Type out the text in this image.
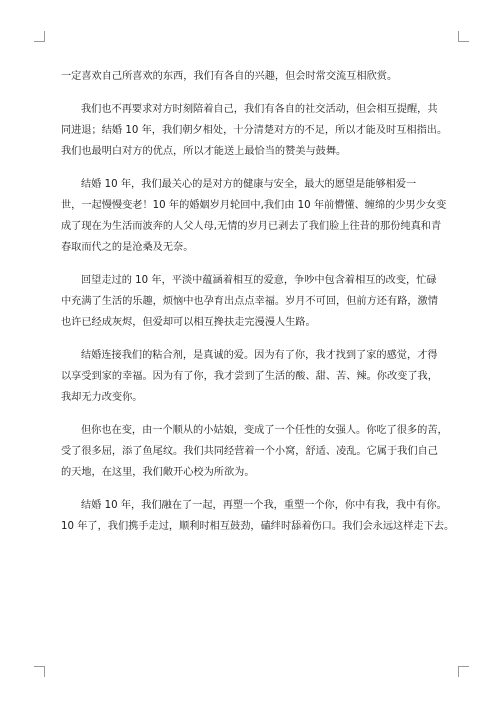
一定喜欢自己所喜欢的东西，我们有各自的兴趣，但会时常交流互相欣赏。

我们也不再要求对方时刻陪着自己，我们有各自的社交活动，但会相互提醒，共
同进退；结婚 10 年，我们朝夕相处，十分清楚对方的不足，所以才能及时互相指出。
我们也最明白对方的优点，所以才能送上最恰当的赞美与鼓舞。

结婚 10 年，我们最关心的是对方的健康与安全，最大的愿望是能够相爱一
世，一起慢慢变老！10 年的婚姻岁月轮回中,我们由 10 年前懵懂、缠绵的少男少女变
成了现在为生活而波奔的人父人母,无情的岁月已剥去了我们脸上往昔的那份纯真和青
春取而代之的是沧桑及无奈。

回望走过的 10 年，平淡中蕴涵着相互的爱意，争吵中包含着相互的改变，忙碌
中充满了生活的乐趣，烦恼中也孕育出点点幸福。岁月不可回，但前方还有路，激情
也许已经成灰烬，但爱却可以相互搀扶走完漫漫人生路。

结婚连接我们的粘合剂，是真诚的爱。因为有了你，我才找到了家的感觉，才得
以享受到家的幸福。因为有了你，我才尝到了生活的酸、甜、苦、辣。你改变了我，
我却无力改变你。

但你也在变，由一个顺从的小姑娘，变成了一个任性的女强人。你吃了很多的苦，
受了很多屈，添了鱼尾纹。我们共同经营着一个小窝，舒适、凌乱。它属于我们自己
的天地，在这里，我们敞开心校为所欲为。

结婚 10 年，我们融在了一起，再塑一个我，重塑一个你，你中有我，我中有你。
10 年了，我们携手走过，顺利时相互鼓劲，磕绊时舔着伤口。我们会永远这样走下去。
